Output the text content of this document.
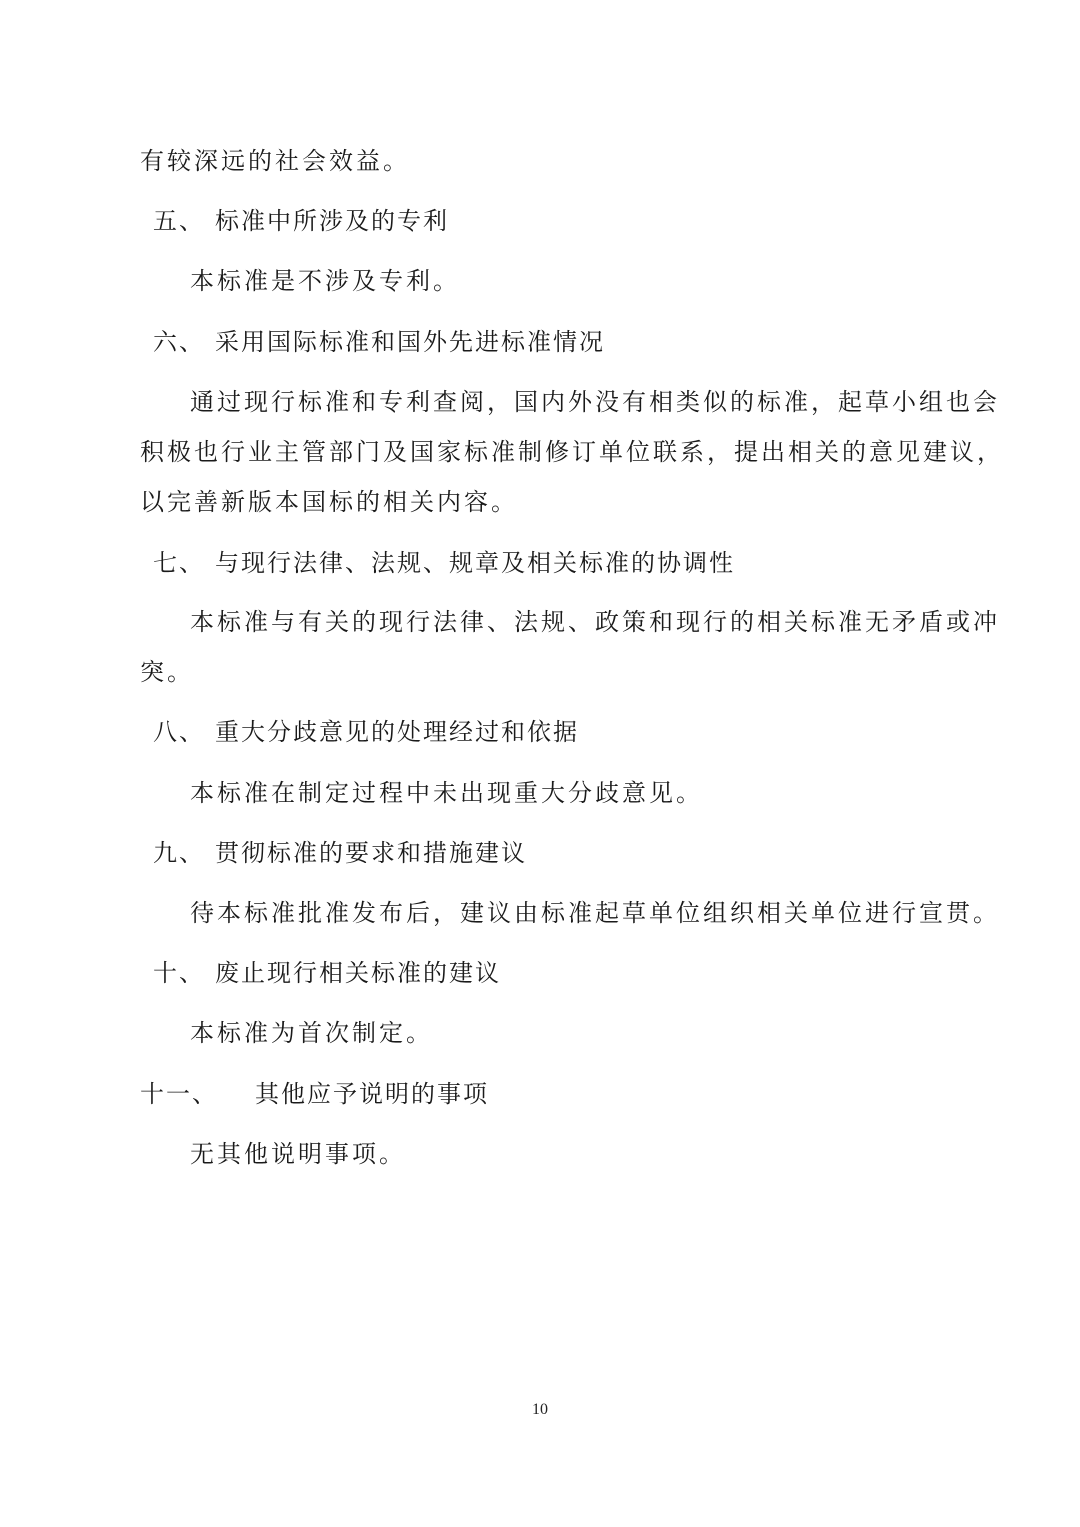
有较深远的社会效益。
五、 标准中所涉及的专利
本标准是不涉及专利。
六、 采用国际标准和国外先进标准情况
通过现行标准和专利查阅，国内外没有相类似的标准，起草小组也会
积极也行业主管部门及国家标准制修订单位联系，提出相关的意见建议，
以完善新版本国标的相关内容。
七、 与现行法律、法规、规章及相关标准的协调性
本标准与有关的现行法律、法规、政策和现行的相关标准无矛盾或冲
突。
八、 重大分歧意见的处理经过和依据
本标准在制定过程中未出现重大分歧意见。
九、 贯彻标准的要求和措施建议
待本标准批准发布后，建议由标准起草单位组织相关单位进行宣贯。
十、 废止现行相关标准的建议
本标准为首次制定。
十一、 其他应予说明的事项
无其他说明事项。
10
